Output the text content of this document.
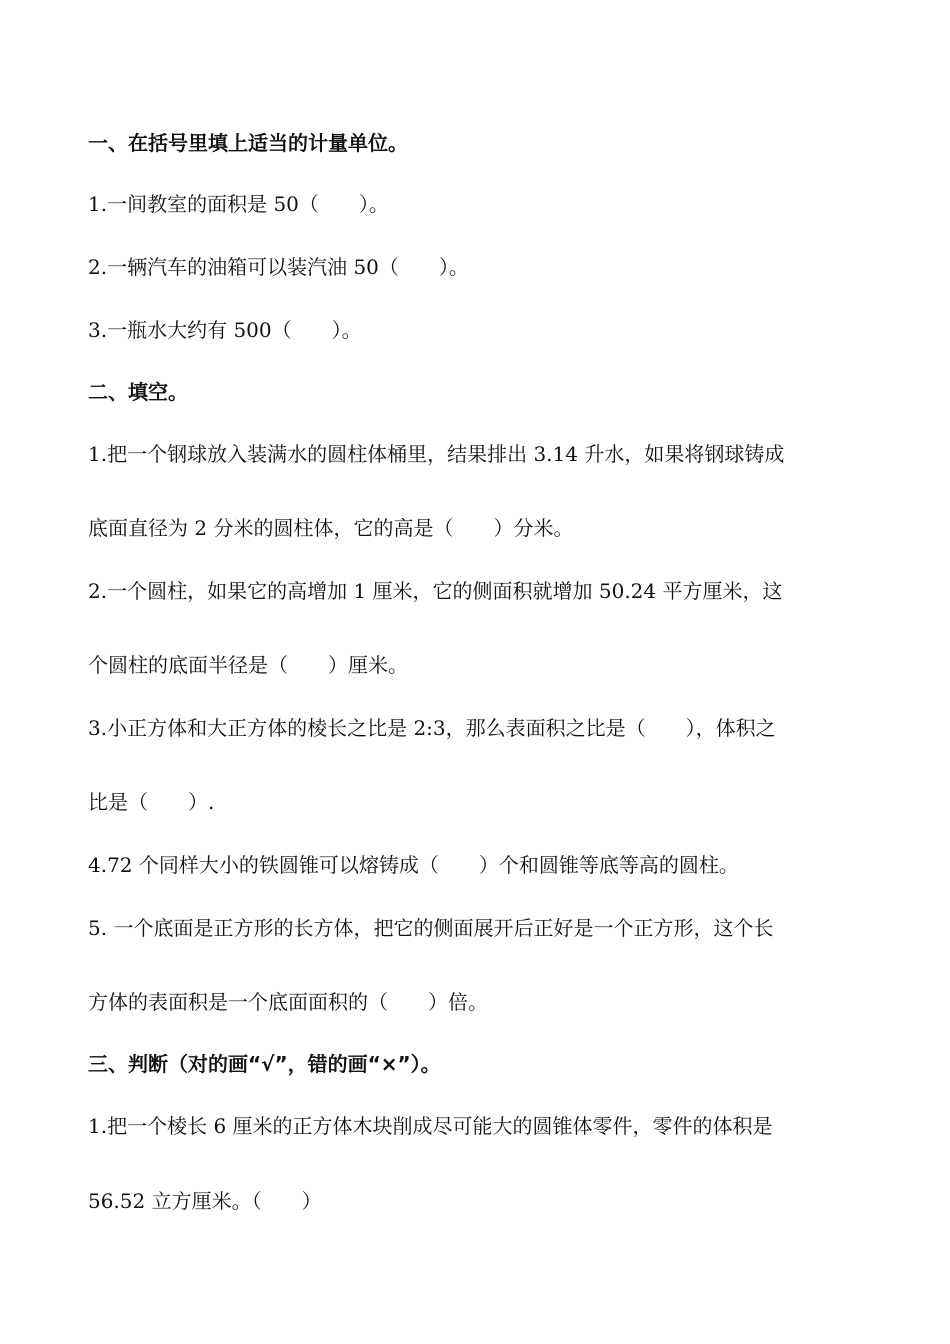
一、在括号里填上适当的计量单位。
1.一间教室的面积是 50（　　）。
2.一辆汽车的油箱可以装汽油 50（　　）。
3.一瓶水大约有 500（　　）。
二、填空。
1.把一个钢球放入装满水的圆柱体桶里，结果排出 3.14 升水，如果将钢球铸成
底面直径为 2 分米的圆柱体，它的高是（　　）分米。
2.一个圆柱，如果它的高增加 1 厘米，它的侧面积就增加 50.24 平方厘米，这
个圆柱的底面半径是（　　）厘米。
3.小正方体和大正方体的棱长之比是 2:3，那么表面积之比是（　　），体积之
比是（　　）.
4.72 个同样大小的铁圆锥可以熔铸成（　　）个和圆锥等底等高的圆柱。
5. 一个底面是正方形的长方体，把它的侧面展开后正好是一个正方形，这个长
方体的表面积是一个底面面积的（　　）倍。
三、判断（对的画“√”，错的画“×”）。
1.把一个棱长 6 厘米的正方体木块削成尽可能大的圆锥体零件，零件的体积是
56.52 立方厘米。（　　）
